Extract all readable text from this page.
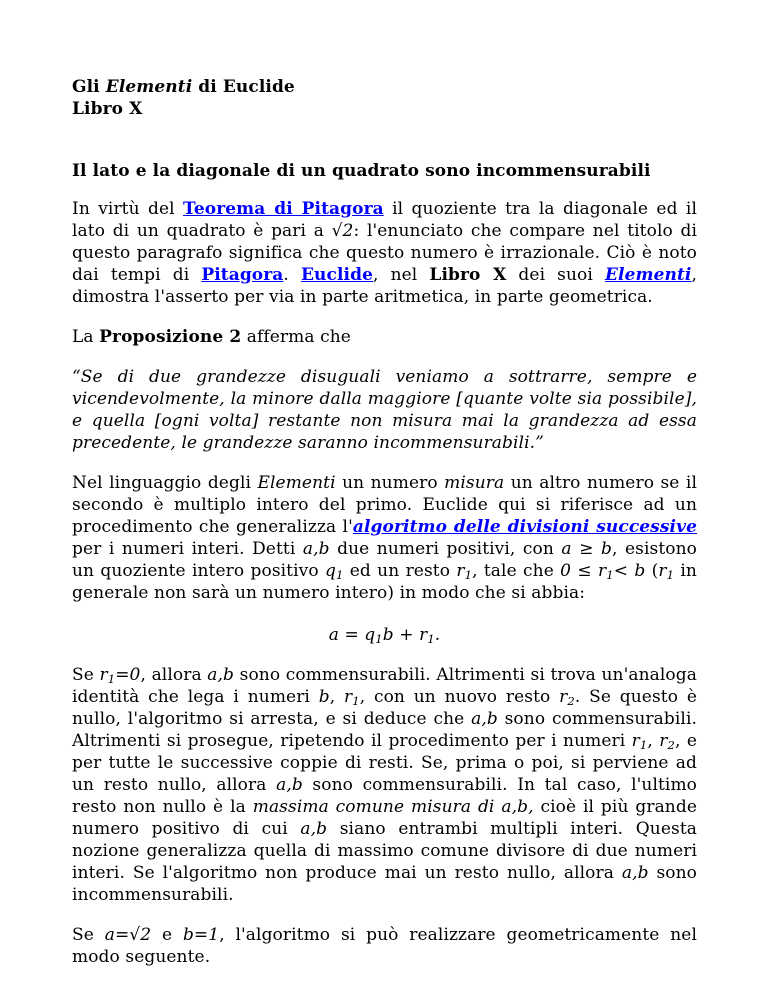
Gli Elementi di Euclide
Libro X
Il lato e la diagonale di un quadrato sono incommensurabili

In virtù del Teorema di Pitagora il quoziente tra la diagonale ed il lato di un quadrato è pari a √2: l'enunciato che compare nel titolo di questo paragrafo significa che questo numero è irrazionale. Ciò è noto dai tempi di Pitagora. Euclide, nel Libro X dei suoi Elementi, dimostra l'asserto per via in parte aritmetica, in parte geometrica.

La Proposizione 2 afferma che

“Se di due grandezze disuguali veniamo a sottrarre, sempre e vicendevolmente, la minore dalla maggiore [quante volte sia possibile], e quella [ogni volta] restante non misura mai la grandezza ad essa precedente, le grandezze saranno incommensurabili.”

Nel linguaggio degli Elementi un numero misura un altro numero se il secondo è multiplo intero del primo. Euclide qui si riferisce ad un procedimento che generalizza l'algoritmo delle divisioni successive per i numeri interi. Detti a,b due numeri positivi, con a ≥ b, esistono un quoziente intero positivo $q_1$ ed un resto $r_1$, tale che $0 \le r_1< b$ ($r_1$ in generale non sarà un numero intero) in modo che si abbia:

$a = q_1b + r_1$.

Se $r_1=0$, allora a,b sono commensurabili. Altrimenti si trova un'analoga identità che lega i numeri b, $r_1$, con un nuovo resto $r_2$. Se questo è nullo, l'algoritmo si arresta, e si deduce che a,b sono commensurabili. Altrimenti si prosegue, ripetendo il procedimento per i numeri $r_1$, $r_2$, e per tutte le successive coppie di resti. Se, prima o poi, si perviene ad un resto nullo, allora a,b sono commensurabili. In tal caso, l'ultimo resto non nullo è la massima comune misura di a,b, cioè il più grande numero positivo di cui a,b siano entrambi multipli interi. Questa nozione generalizza quella di massimo comune divisore di due numeri interi. Se l'algoritmo non produce mai un resto nullo, allora a,b sono incommensurabili.

Se a=√2 e b=1, l'algoritmo si può realizzare geometricamente nel modo seguente.
